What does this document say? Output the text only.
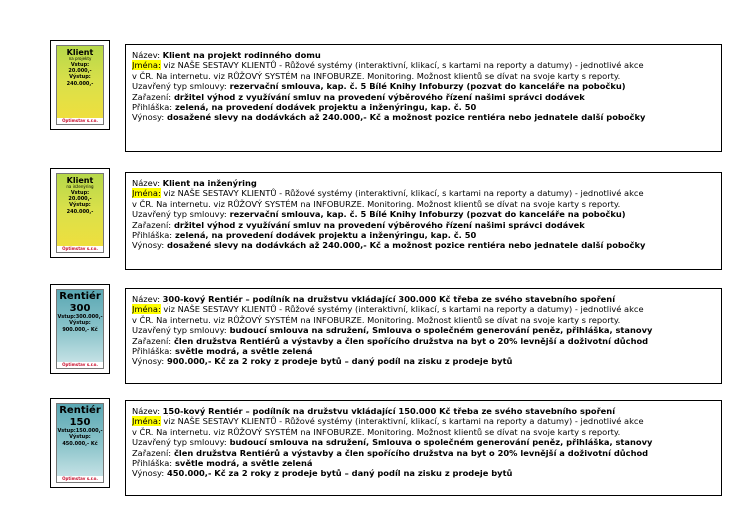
Klient
na projekty
Vstup:
20.000,-
Výstup:
240.000,-
Optimstav s.r.o.
Název: Klient na projekt rodinného domu
Jména: viz NAŠE SESTAVY KLIENTŮ - Růžové systémy (interaktivní, klikací, s kartami na reporty a datumy) - jednotlivé akce
v ČR. Na internetu. viz RŮŽOVÝ SYSTÉM na INFOBURZE. Monitoring. Možnost klientů se dívat na svoje karty s reporty.
Uzavřený typ smlouvy: rezervační smlouva, kap. č. 5 Bílé Knihy Infoburzy (pozvat do kanceláře na pobočku)
Zařazení: držitel výhod z využívání smluv na provedení výběrového řízení našimi správci dodávek
Přihláška: zelená, na provedení dodávek projektu a inženýringu, kap. č. 50
Výnosy: dosažené slevy na dodávkách až 240.000,- Kč a možnost pozice rentiéra nebo jednatele další pobočky
Klient
na inženýring
Vstup:
20.000,-
Výstup:
240.000,-
Optimstav s.r.o.
Název: Klient na inženýring
Jména: viz NAŠE SESTAVY KLIENTŮ - Růžové systémy (interaktivní, klikací, s kartami na reporty a datumy) - jednotlivé akce
v ČR. Na internetu. viz RŮŽOVÝ SYSTÉM na INFOBURZE. Monitoring. Možnost klientů se dívat na svoje karty s reporty.
Uzavřený typ smlouvy: rezervační smlouva, kap. č. 5 Bílé Knihy Infoburzy (pozvat do kanceláře na pobočku)
Zařazení: držitel výhod z využívání smluv na provedení výběrového řízení našimi správci dodávek
Přihláška: zelená, na provedení dodávek projektu a inženýringu, kap. č. 50
Výnosy: dosažené slevy na dodávkách až 240.000,- Kč a možnost pozice rentiéra nebo jednatele další pobočky
Rentiér
300
Vstup:300.000,-
Výstup:
900.000,- Kč
Optimstav s.r.o.
Název: 300-kový Rentiér – podílník na družstvu vkládající 300.000 Kč třeba ze svého stavebního spoření
Jména: viz NAŠE SESTAVY KLIENTŮ - Růžové systémy (interaktivní, klikací, s kartami na reporty a datumy) - jednotlivé akce
v ČR. Na internetu. viz RŮŽOVÝ SYSTÉM na INFOBURZE. Monitoring. Možnost klientů se dívat na svoje karty s reporty.
Uzavřený typ smlouvy: budoucí smlouva na sdružení, Smlouva o společném generování peněz, přihláška, stanovy
Zařazení: člen družstva Rentiérů a výstavby a člen spořícího družstva na byt o 20% levnější a doživotní důchod
Přihláška: světle modrá, a světle zelená
Výnosy: 900.000,- Kč za 2 roky z prodeje bytů – daný podíl na zisku z prodeje bytů
Rentiér
150
Vstup:150.000,-
Výstup:
450.000,- Kč
Optimstav s.r.o.
Název: 150-kový Rentiér – podílník na družstvu vkládající 150.000 Kč třeba ze svého stavebního spoření
Jména: viz NAŠE SESTAVY KLIENTŮ - Růžové systémy (interaktivní, klikací, s kartami na reporty a datumy) - jednotlivé akce
v ČR. Na internetu. viz RŮŽOVÝ SYSTÉM na INFOBURZE. Monitoring. Možnost klientů se dívat na svoje karty s reporty.
Uzavřený typ smlouvy: budoucí smlouva na sdružení, Smlouva o společném generování peněz, přihláška, stanovy
Zařazení: člen družstva Rentiérů a výstavby a člen spořícího družstva na byt o 20% levnější a doživotní důchod
Přihláška: světle modrá, a světle zelená
Výnosy: 450.000,- Kč za 2 roky z prodeje bytů – daný podíl na zisku z prodeje bytů
